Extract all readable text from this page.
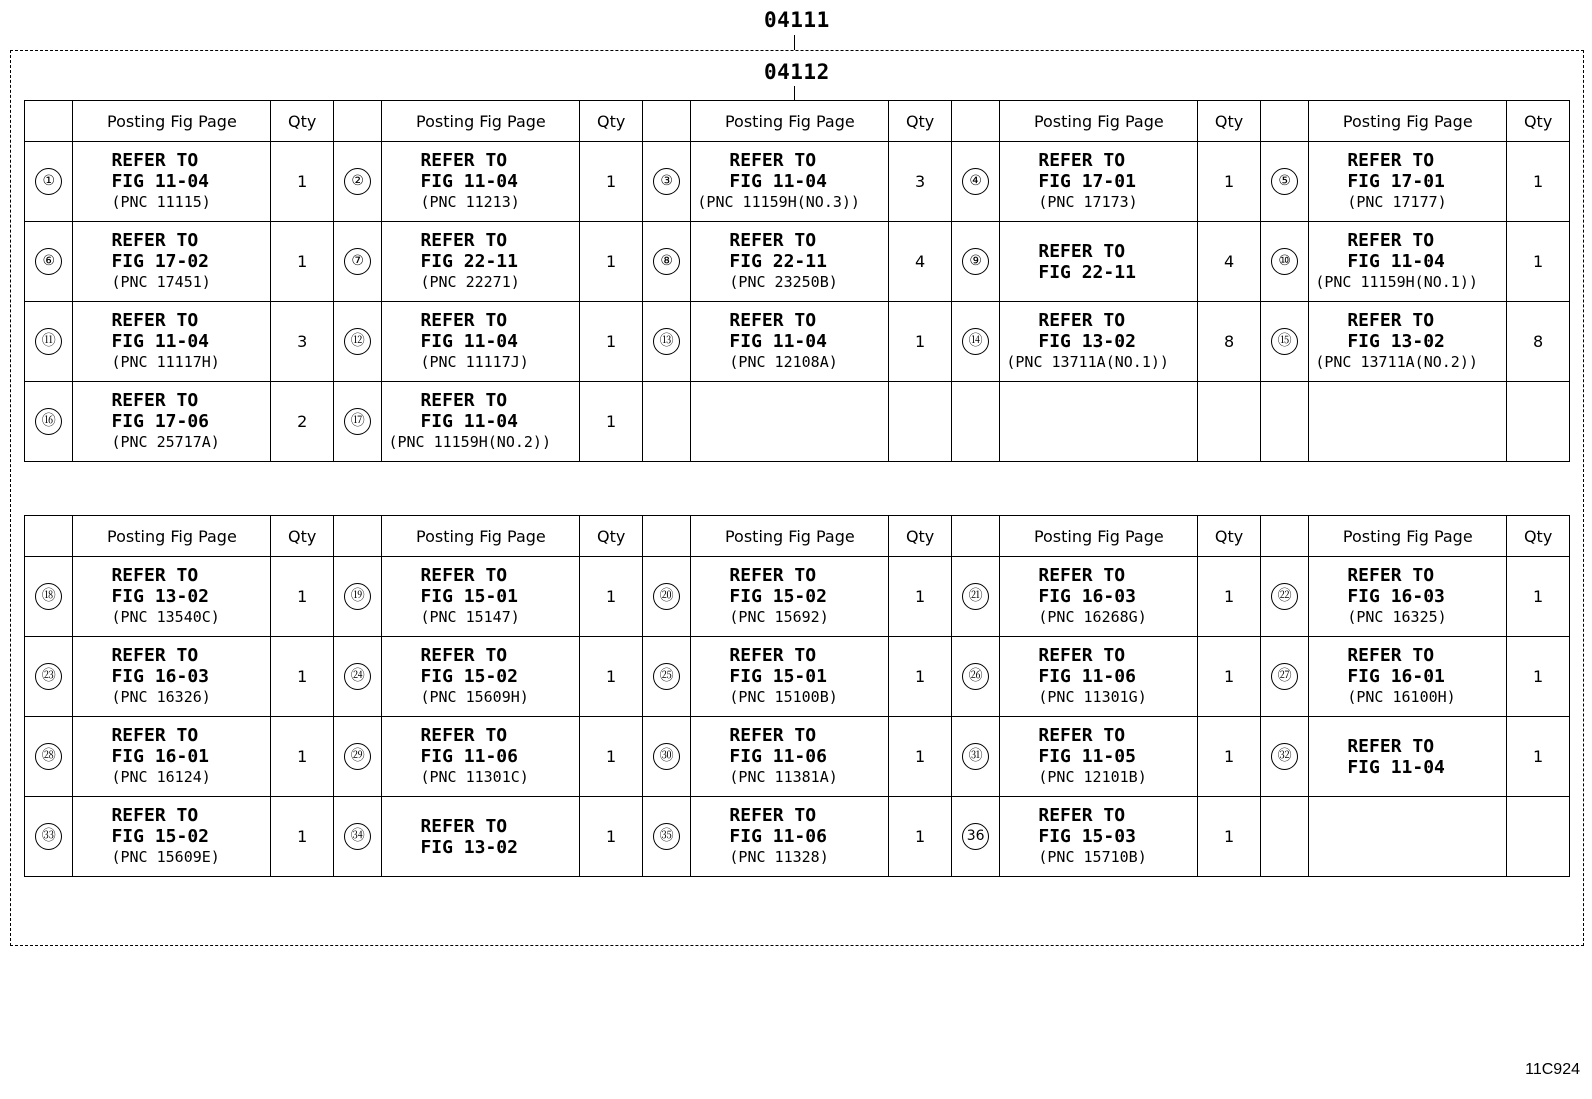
04111
04112
	Posting Fig Page	Qty		Posting Fig Page	Qty		Posting Fig Page	Qty		Posting Fig Page	Qty		Posting Fig Page	Qty
①	REFER TO
FIG 11-04
(PNC 11115)	1	②	REFER TO
FIG 11-04
(PNC 11213)	1	③	REFER TO
FIG 11-04
(PNC 11159H(NO.3))	3	④	REFER TO
FIG 17-01
(PNC 17173)	1	⑤	REFER TO
FIG 17-01
(PNC 17177)	1
⑥	REFER TO
FIG 17-02
(PNC 17451)	1	⑦	REFER TO
FIG 22-11
(PNC 22271)	1	⑧	REFER TO
FIG 22-11
(PNC 23250B)	4	⑨	REFER TO
FIG 22-11	4	⑩	REFER TO
FIG 11-04
(PNC 11159H(NO.1))	1
⑪	REFER TO
FIG 11-04
(PNC 11117H)	3	⑫	REFER TO
FIG 11-04
(PNC 11117J)	1	⑬	REFER TO
FIG 11-04
(PNC 12108A)	1	⑭	REFER TO
FIG 13-02
(PNC 13711A(NO.1))	8	⑮	REFER TO
FIG 13-02
(PNC 13711A(NO.2))	8
⑯	REFER TO
FIG 17-06
(PNC 25717A)	2	⑰	REFER TO
FIG 11-04
(PNC 11159H(NO.2))	1									
	Posting Fig Page	Qty		Posting Fig Page	Qty		Posting Fig Page	Qty		Posting Fig Page	Qty		Posting Fig Page	Qty
⑱	REFER TO
FIG 13-02
(PNC 13540C)	1	⑲	REFER TO
FIG 15-01
(PNC 15147)	1	⑳	REFER TO
FIG 15-02
(PNC 15692)	1	㉑	REFER TO
FIG 16-03
(PNC 16268G)	1	㉒	REFER TO
FIG 16-03
(PNC 16325)	1
㉓	REFER TO
FIG 16-03
(PNC 16326)	1	㉔	REFER TO
FIG 15-02
(PNC 15609H)	1	㉕	REFER TO
FIG 15-01
(PNC 15100B)	1	㉖	REFER TO
FIG 11-06
(PNC 11301G)	1	㉗	REFER TO
FIG 16-01
(PNC 16100H)	1
㉘	REFER TO
FIG 16-01
(PNC 16124)	1	㉙	REFER TO
FIG 11-06
(PNC 11301C)	1	㉚	REFER TO
FIG 11-06
(PNC 11381A)	1	㉛	REFER TO
FIG 11-05
(PNC 12101B)	1	㉜	REFER TO
FIG 11-04	1
㉝	REFER TO
FIG 15-02
(PNC 15609E)	1	㉞	REFER TO
FIG 13-02	1	㉟	REFER TO
FIG 11-06
(PNC 11328)	1	36	REFER TO
FIG 15-03
(PNC 15710B)	1			
11C924
